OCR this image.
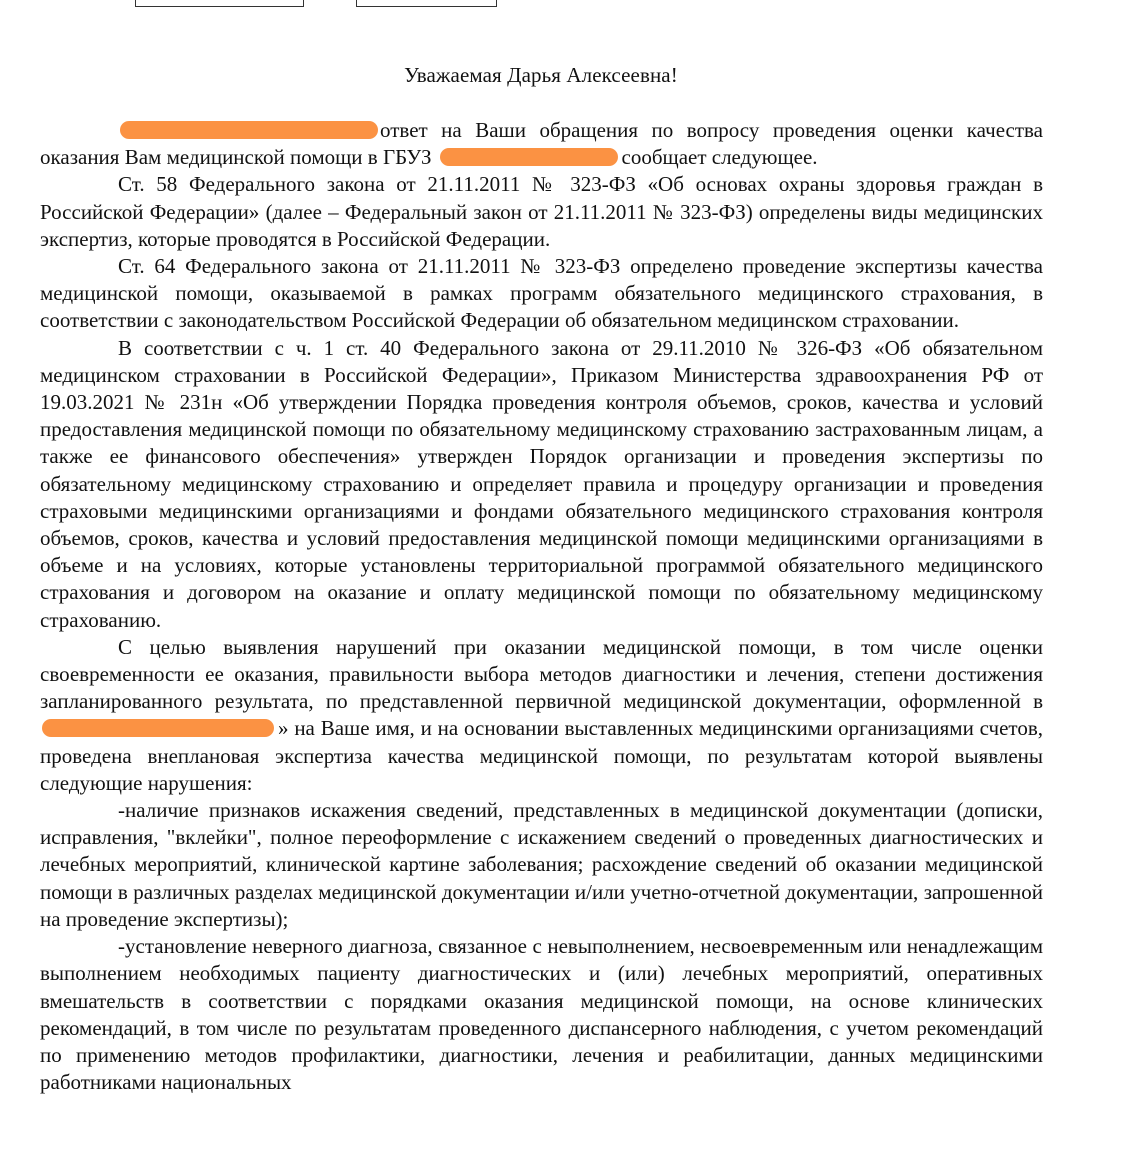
Уважаемая Дарья Алексеевна!

ответ на Ваши обращения по вопросу проведения оценки качества оказания Вам медицинской помощи в ГБУЗ	сообщает следующее.

Ст. 58 Федерального закона от 21.11.2011 № 323-ФЗ «Об основах охраны здоровья граждан в Российской Федерации» (далее – Федеральный закон от 21.11.2011 № 323-ФЗ) определены виды медицинских экспертиз, которые проводятся в Российской Федерации.

Ст. 64 Федерального закона от 21.11.2011 № 323-ФЗ определено проведение экспертизы качества медицинской помощи, оказываемой в рамках программ обязательного медицинского страхования, в соответствии с законодательством Российской Федерации об обязательном медицинском страховании.

В соответствии с ч. 1 ст. 40 Федерального закона от 29.11.2010 № 326-ФЗ «Об обязательном медицинском страховании в Российской Федерации», Приказом Министерства здравоохранения РФ от 19.03.2021 № 231н «Об утверждении Порядка проведения контроля объемов, сроков, качества и условий предоставления медицинской помощи по обязательному медицинскому страхованию застрахованным лицам, а также ее финансового обеспечения» утвержден Порядок организации и проведения экспертизы по обязательному медицинскому страхованию и определяет правила и процедуру организации и проведения страховыми медицинскими организациями и фондами обязательного медицинского страхования контроля объемов, сроков, качества и условий предоставления медицинской помощи медицинскими организациями в объеме и на условиях, которые установлены территориальной программой обязательного медицинского страхования и договором на оказание и оплату медицинской помощи по обязательному медицинскому страхованию.

С целью выявления нарушений при оказании медицинской помощи, в том числе оценки своевременности ее оказания, правильности выбора методов диагностики и лечения, степени достижения запланированного результата, по представленной первичной медицинской документации, оформленной в» на Ваше имя, и на основании выставленных медицинскими организациями счетов, проведена внеплановая экспертиза качества медицинской помощи, по результатам которой выявлены следующие нарушения:

-наличие признаков искажения сведений, представленных в медицинской документации (дописки, исправления, "вклейки", полное переоформление с искажением сведений о проведенных диагностических и лечебных мероприятий, клинической картине заболевания; расхождение сведений об оказании медицинской помощи в различных разделах медицинской документации и/или учетно-отчетной документации, запрошенной на проведение экспертизы);

-установление неверного диагноза, связанное с невыполнением, несвоевременным или ненадлежащим выполнением необходимых пациенту диагностических и (или) лечебных мероприятий, оперативных вмешательств в соответствии с порядками оказания медицинской помощи, на основе клинических рекомендаций, в том числе по результатам проведенного диспансерного наблюдения, с учетом рекомендаций по применению методов профилактики, диагностики, лечения и реабилитации, данных медицинскими работниками национальных
